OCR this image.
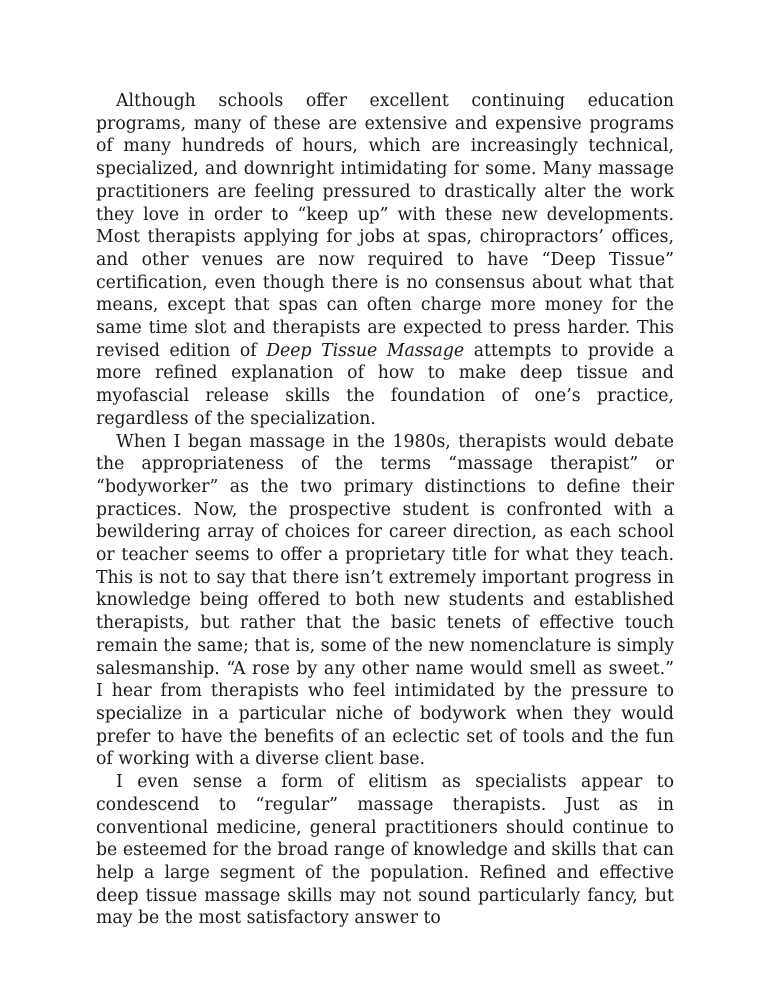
Although schools offer excellent continuing education programs, many of these are extensive and expensive programs of many hundreds of hours, which are increasingly technical, specialized, and downright intimidating for some. Many massage practitioners are feeling pressured to drastically alter the work they love in order to “keep up” with these new developments. Most therapists applying for jobs at spas, chiropractors’ offices, and other venues are now required to have “Deep Tissue” certification, even though there is no consensus about what that means, except that spas can often charge more money for the same time slot and therapists are expected to press harder. This revised edition of Deep Tissue Massage attempts to provide a more refined explanation of how to make deep tissue and myofascial release skills the foundation of one’s practice, regardless of the specialization.

When I began massage in the 1980s, therapists would debate the appropriateness of the terms “massage therapist” or “bodyworker” as the two primary distinctions to define their practices. Now, the prospective student is confronted with a bewildering array of choices for career direction, as each school or teacher seems to offer a proprietary title for what they teach. This is not to say that there isn’t extremely important progress in knowledge being offered to both new students and established therapists, but rather that the basic tenets of effective touch remain the same; that is, some of the new nomenclature is simply salesmanship. “A rose by any other name would smell as sweet.” I hear from therapists who feel intimidated by the pressure to specialize in a particular niche of bodywork when they would prefer to have the benefits of an eclectic set of tools and the fun of working with a diverse client base.

I even sense a form of elitism as specialists appear to condescend to “regular” massage therapists. Just as in conventional medicine, general practitioners should continue to be esteemed for the broad range of knowledge and skills that can help a large segment of the population. Refined and effective deep tissue massage skills may not sound particularly fancy, but may be the most satisfactory answer to
